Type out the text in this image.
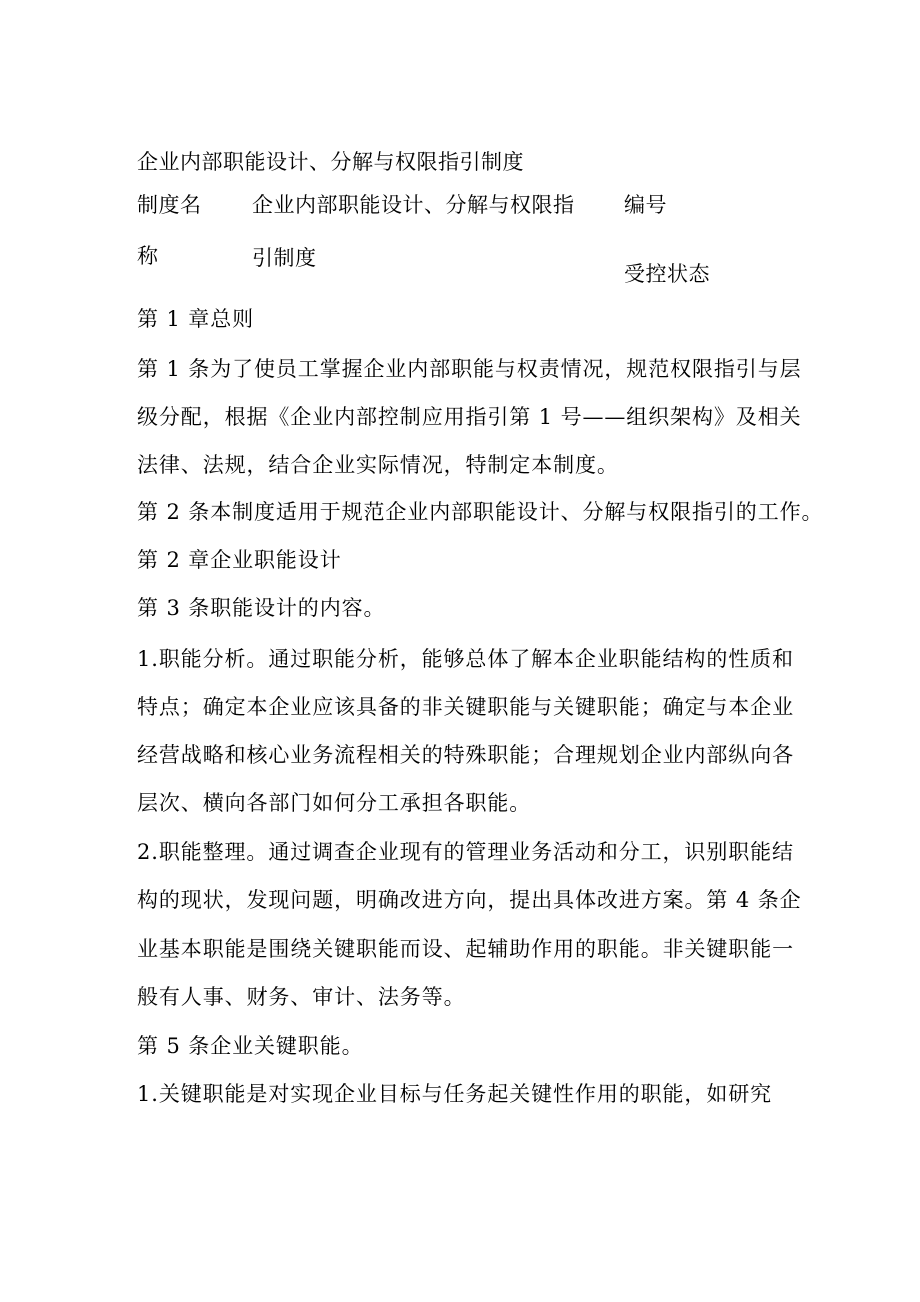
企业内部职能设计、分解与权限指引制度
制度名
称
企业内部职能设计、分解与权限指
引制度
编号
受控状态
第 1 章总则
第 1 条为了使员工掌握企业内部职能与权责情况，规范权限指引与层
级分配，根据《企业内部控制应用指引第 1 号——组织架构》及相关
法律、法规，结合企业实际情况，特制定本制度。
第 2 条本制度适用于规范企业内部职能设计、分解与权限指引的工作。
第 2 章企业职能设计
第 3 条职能设计的内容。
1.职能分析。通过职能分析，能够总体了解本企业职能结构的性质和
特点；确定本企业应该具备的非关键职能与关键职能；确定与本企业
经营战略和核心业务流程相关的特殊职能；合理规划企业内部纵向各
层次、横向各部门如何分工承担各职能。
2.职能整理。通过调查企业现有的管理业务活动和分工，识别职能结
构的现状，发现问题，明确改进方向，提出具体改进方案。第 4 条企
业基本职能是围绕关键职能而设、起辅助作用的职能。非关键职能一
般有人事、财务、审计、法务等。
第 5 条企业关键职能。
1.关键职能是对实现企业目标与任务起关键性作用的职能，如研究
